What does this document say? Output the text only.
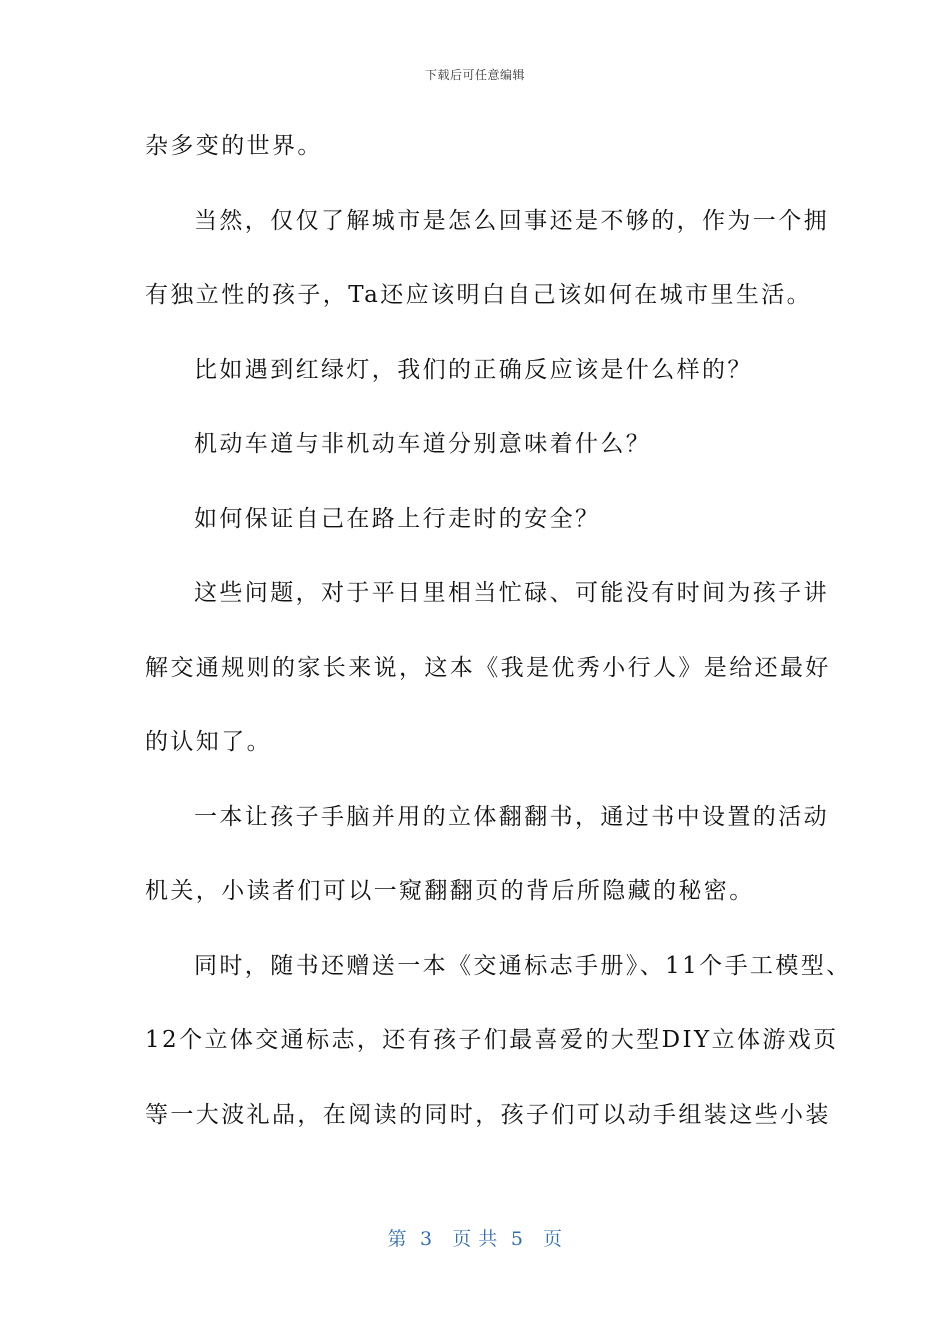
下载后可任意编辑
杂多变的世界。
当然，仅仅了解城市是怎么回事还是不够的，作为一个拥
有独立性的孩子，Ta还应该明白自己该如何在城市里生活。
比如遇到红绿灯，我们的正确反应该是什么样的？
机动车道与非机动车道分别意味着什么？
如何保证自己在路上行走时的安全？
这些问题，对于平日里相当忙碌、可能没有时间为孩子讲
解交通规则的家长来说，这本《我是优秀小行人》是给还最好
的认知了。
一本让孩子手脑并用的立体翻翻书，通过书中设置的活动
机关，小读者们可以一窥翻翻页的背后所隐藏的秘密。
同时，随书还赠送一本《交通标志手册》、11个手工模型、
12个立体交通标志，还有孩子们最喜爱的大型DIY立体游戏页
等一大波礼品，在阅读的同时，孩子们可以动手组装这些小装
第  3   页 共  5   页
